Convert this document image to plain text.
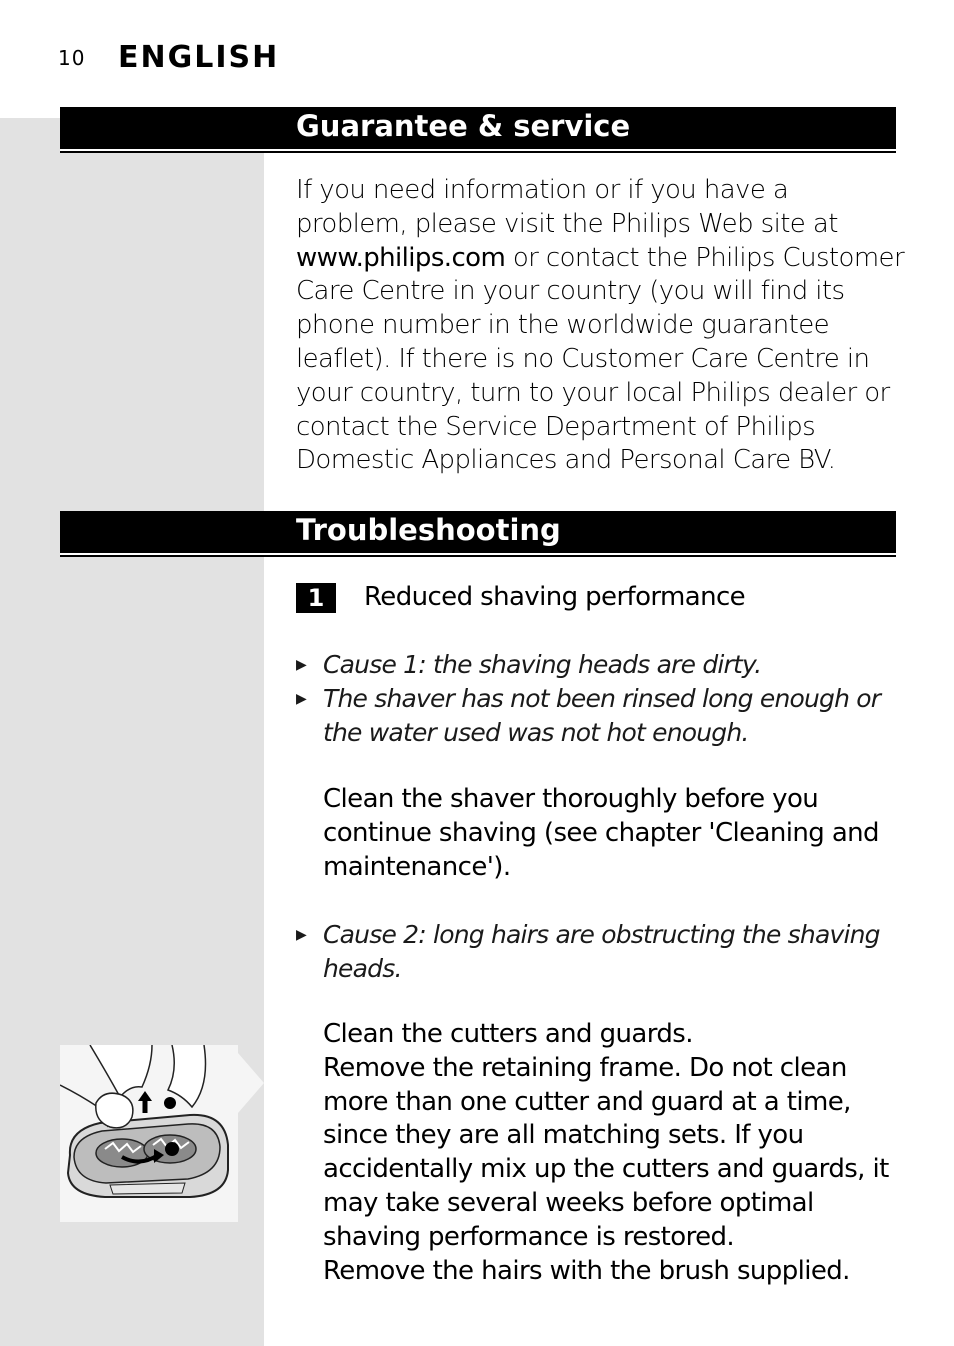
10 ENGLISH
Guarantee & service
If you need information or if you have a problem, please visit the Philips Web site at www.philips.com or contact the Philips Customer Care Centre in your country (you will find its phone number in the worldwide guarantee leaflet). If there is no Customer Care Centre in your country, turn to your local Philips dealer or contact the Service Department of Philips Domestic Appliances and Personal Care BV.
Troubleshooting
1	Reduced shaving performance
▶ Cause 1: the shaving heads are dirty.
▶ The shaver has not been rinsed long enough or the water used was not hot enough.

Clean the shaver thoroughly before you continue shaving (see chapter 'Cleaning and maintenance').

▶ Cause 2: long hairs are obstructing the shaving heads.

Clean the cutters and guards.

Remove the retaining frame. Do not clean more than one cutter and guard at a time, since they are all matching sets. If you accidentally mix up the cutters and guards, it may take several weeks before optimal shaving performance is restored.

Remove the hairs with the brush supplied.
